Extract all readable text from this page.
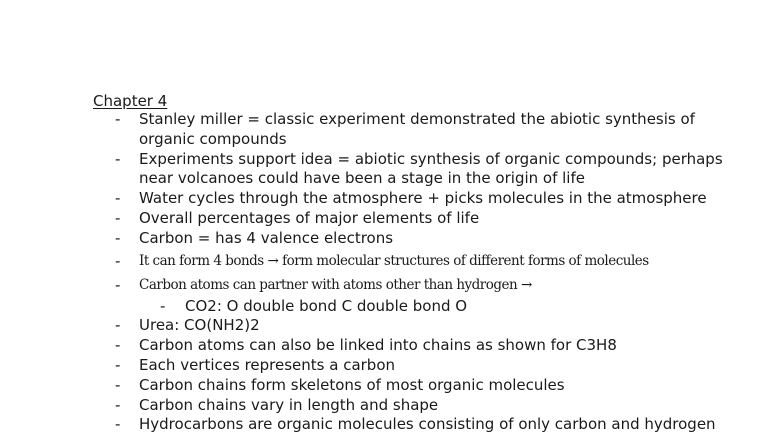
Chapter 4
- Stanley miller = classic experiment demonstrated the abiotic synthesis of organic compounds
- Experiments support idea = abiotic synthesis of organic compounds; perhaps near volcanoes could have been a stage in the origin of life
- Water cycles through the atmosphere + picks molecules in the atmosphere
- Overall percentages of major elements of life
- Carbon = has 4 valence electrons
- It can form 4 bonds → form molecular structures of different forms of molecules
- Carbon atoms can partner with atoms other than hydrogen →
- CO2: O double bond C double bond O
- Urea: CO(NH2)2
- Carbon atoms can also be linked into chains as shown for C3H8
- Each vertices represents a carbon
- Carbon chains form skeletons of most organic molecules
- Carbon chains vary in length and shape
- Hydrocarbons are organic molecules consisting of only carbon and hydrogen
